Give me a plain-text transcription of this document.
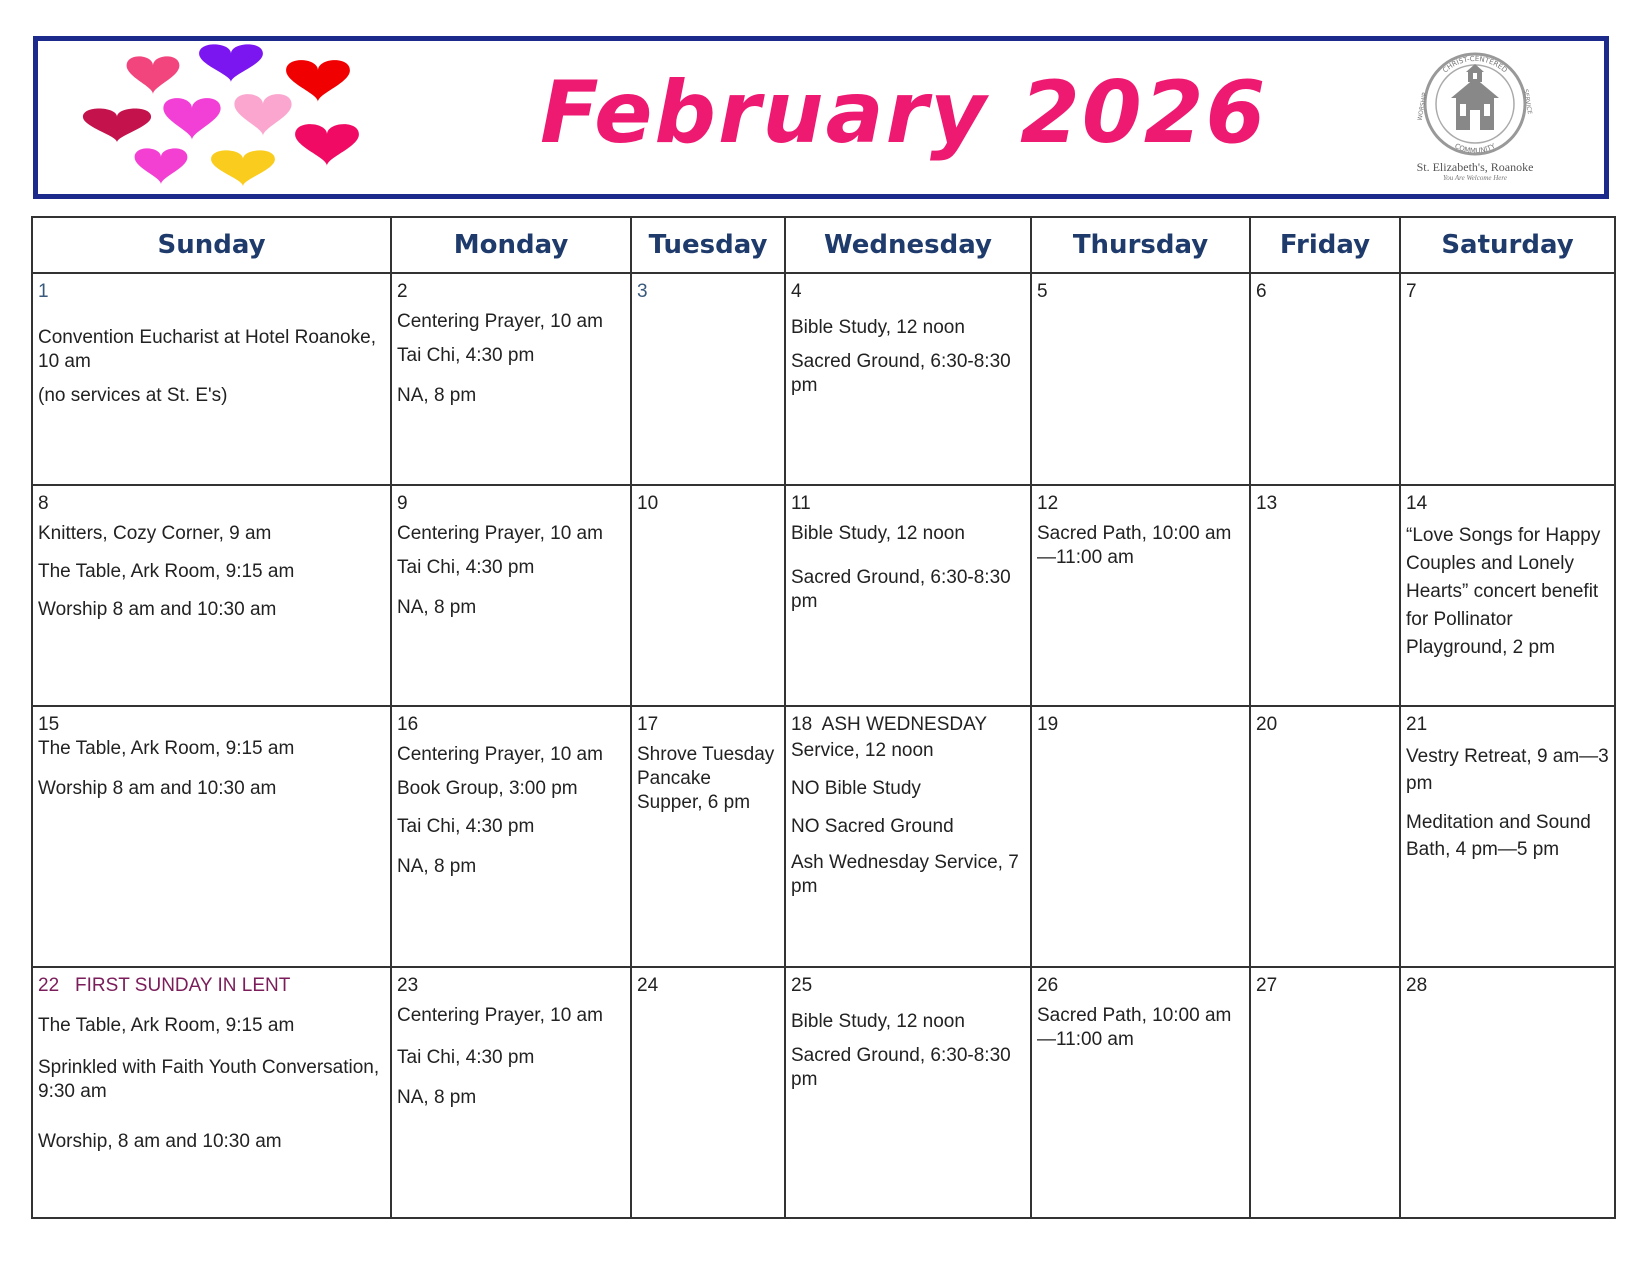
February 2026	CHRIST-CENTERED
COMMUNITY
WORSHIP	SERVICE
St. Elizabeth's, Roanoke
You Are Welcome Here
Sunday	Monday	Tuesday	Wednesday	Thursday	Friday	Saturday

1
Convention Eucharist at Hotel Roanoke, 10 am
(no services at St. E's)	2
Centering Prayer, 10 am
Tai Chi, 4:30 pm
NA, 8 pm	3	4
Bible Study, 12 noon
Sacred Ground, 6:30-8:30 pm	5	6	7

8
Knitters, Cozy Corner, 9 am
The Table, Ark Room, 9:15 am
Worship 8 am and 10:30 am	9
Centering Prayer, 10 am
Tai Chi, 4:30 pm
NA, 8 pm	10	11
Bible Study, 12 noon
Sacred Ground, 6:30-8:30 pm	12
Sacred Path, 10:00 am—11:00 am	13	14
“Love Songs for Happy Couples and Lonely Hearts” concert benefit for Pollinator Playground, 2 pm

15
The Table, Ark Room, 9:15 am
Worship 8 am and 10:30 am	16
Centering Prayer, 10 am
Book Group, 3:00 pm
Tai Chi, 4:30 pm
NA, 8 pm	17
Shrove Tuesday Pancake Supper, 6 pm	18 ASH WEDNESDAY
Service, 12 noon
NO Bible Study
NO Sacred Ground
Ash Wednesday Service, 7 pm	19	20	21
Vestry Retreat, 9 am—3 pm
Meditation and Sound Bath, 4 pm—5 pm

22 FIRST SUNDAY IN LENT
The Table, Ark Room, 9:15 am
Sprinkled with Faith Youth Conversation, 9:30 am
Worship, 8 am and 10:30 am	23
Centering Prayer, 10 am
Tai Chi, 4:30 pm
NA, 8 pm	24	25
Bible Study, 12 noon
Sacred Ground, 6:30-8:30 pm	26
Sacred Path, 10:00 am—11:00 am	27	28
